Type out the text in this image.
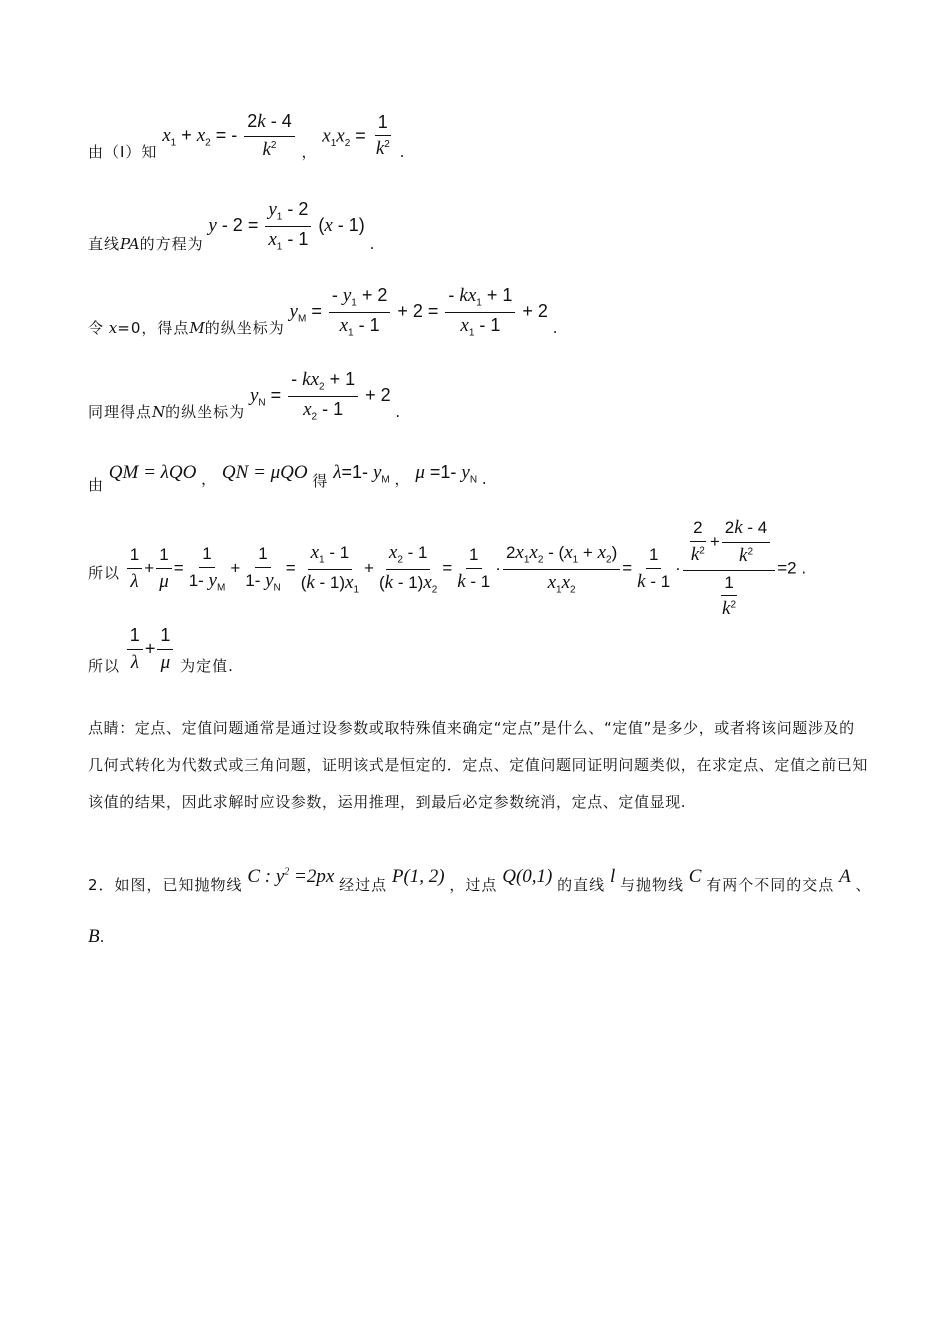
由（I）知 $x_1 + x_2$ = - $\frac{2k - 4}{k^2}$ ， $x_1x_2 = \frac{1}{k^2}$ .
直线PA的方程为 $y - 2 = \frac{y_1 - 2}{x_1 - 1} (x - 1)$ .
令 x=0，得点M的纵坐标为 $y_M = \frac{- y_1 + 2}{x_1 - 1} + 2 = \frac{- kx_1 + 1}{x_1 - 1} + 2$ .
同理得点N的纵坐标为 $y_N = \frac{- kx_2 + 1}{x_2 - 1} + 2$ .
由 QM = λQO ， QN = μQO 得 λ=1- $y_M$ ， μ =1- $y_N$ .
所以 $\frac{1}{\lambda} + \frac{1}{\mu} = \frac{1}{1- y_M} + \frac{1}{1- y_N} = \frac{x_1 - 1}{(k - 1)x_1} + \frac{x_2 - 1}{(k - 1)x_2} = \frac{1}{k - 1} \cdot \frac{2x_1x_2 - (x_1 + x_2)}{x_1x_2} = \frac{1}{k - 1} \cdot \frac{\frac{2}{k^2} + \frac{2k - 4}{k^2}}{\frac{1}{k^2}} =2$ .
所以 $\frac{1}{\lambda} + \frac{1}{\mu}$ 为定值.
点睛：定点、定值问题通常是通过设参数或取特殊值来确定“定点”是什么、“定值”是多少，或者将该问题涉及的几何式转化为代数式或三角问题，证明该式是恒定的．定点、定值问题同证明问题类似，在求定点、定值之前已知该值的结果，因此求解时应设参数，运用推理，到最后必定参数统消，定点、定值显现.
2．如图，已知抛物线 C : $y^2 =2px$ 经过点 P(1, 2) ，过点 Q(0,1) 的直线 l 与抛物线 C 有两个不同的交点 A 、
B.
